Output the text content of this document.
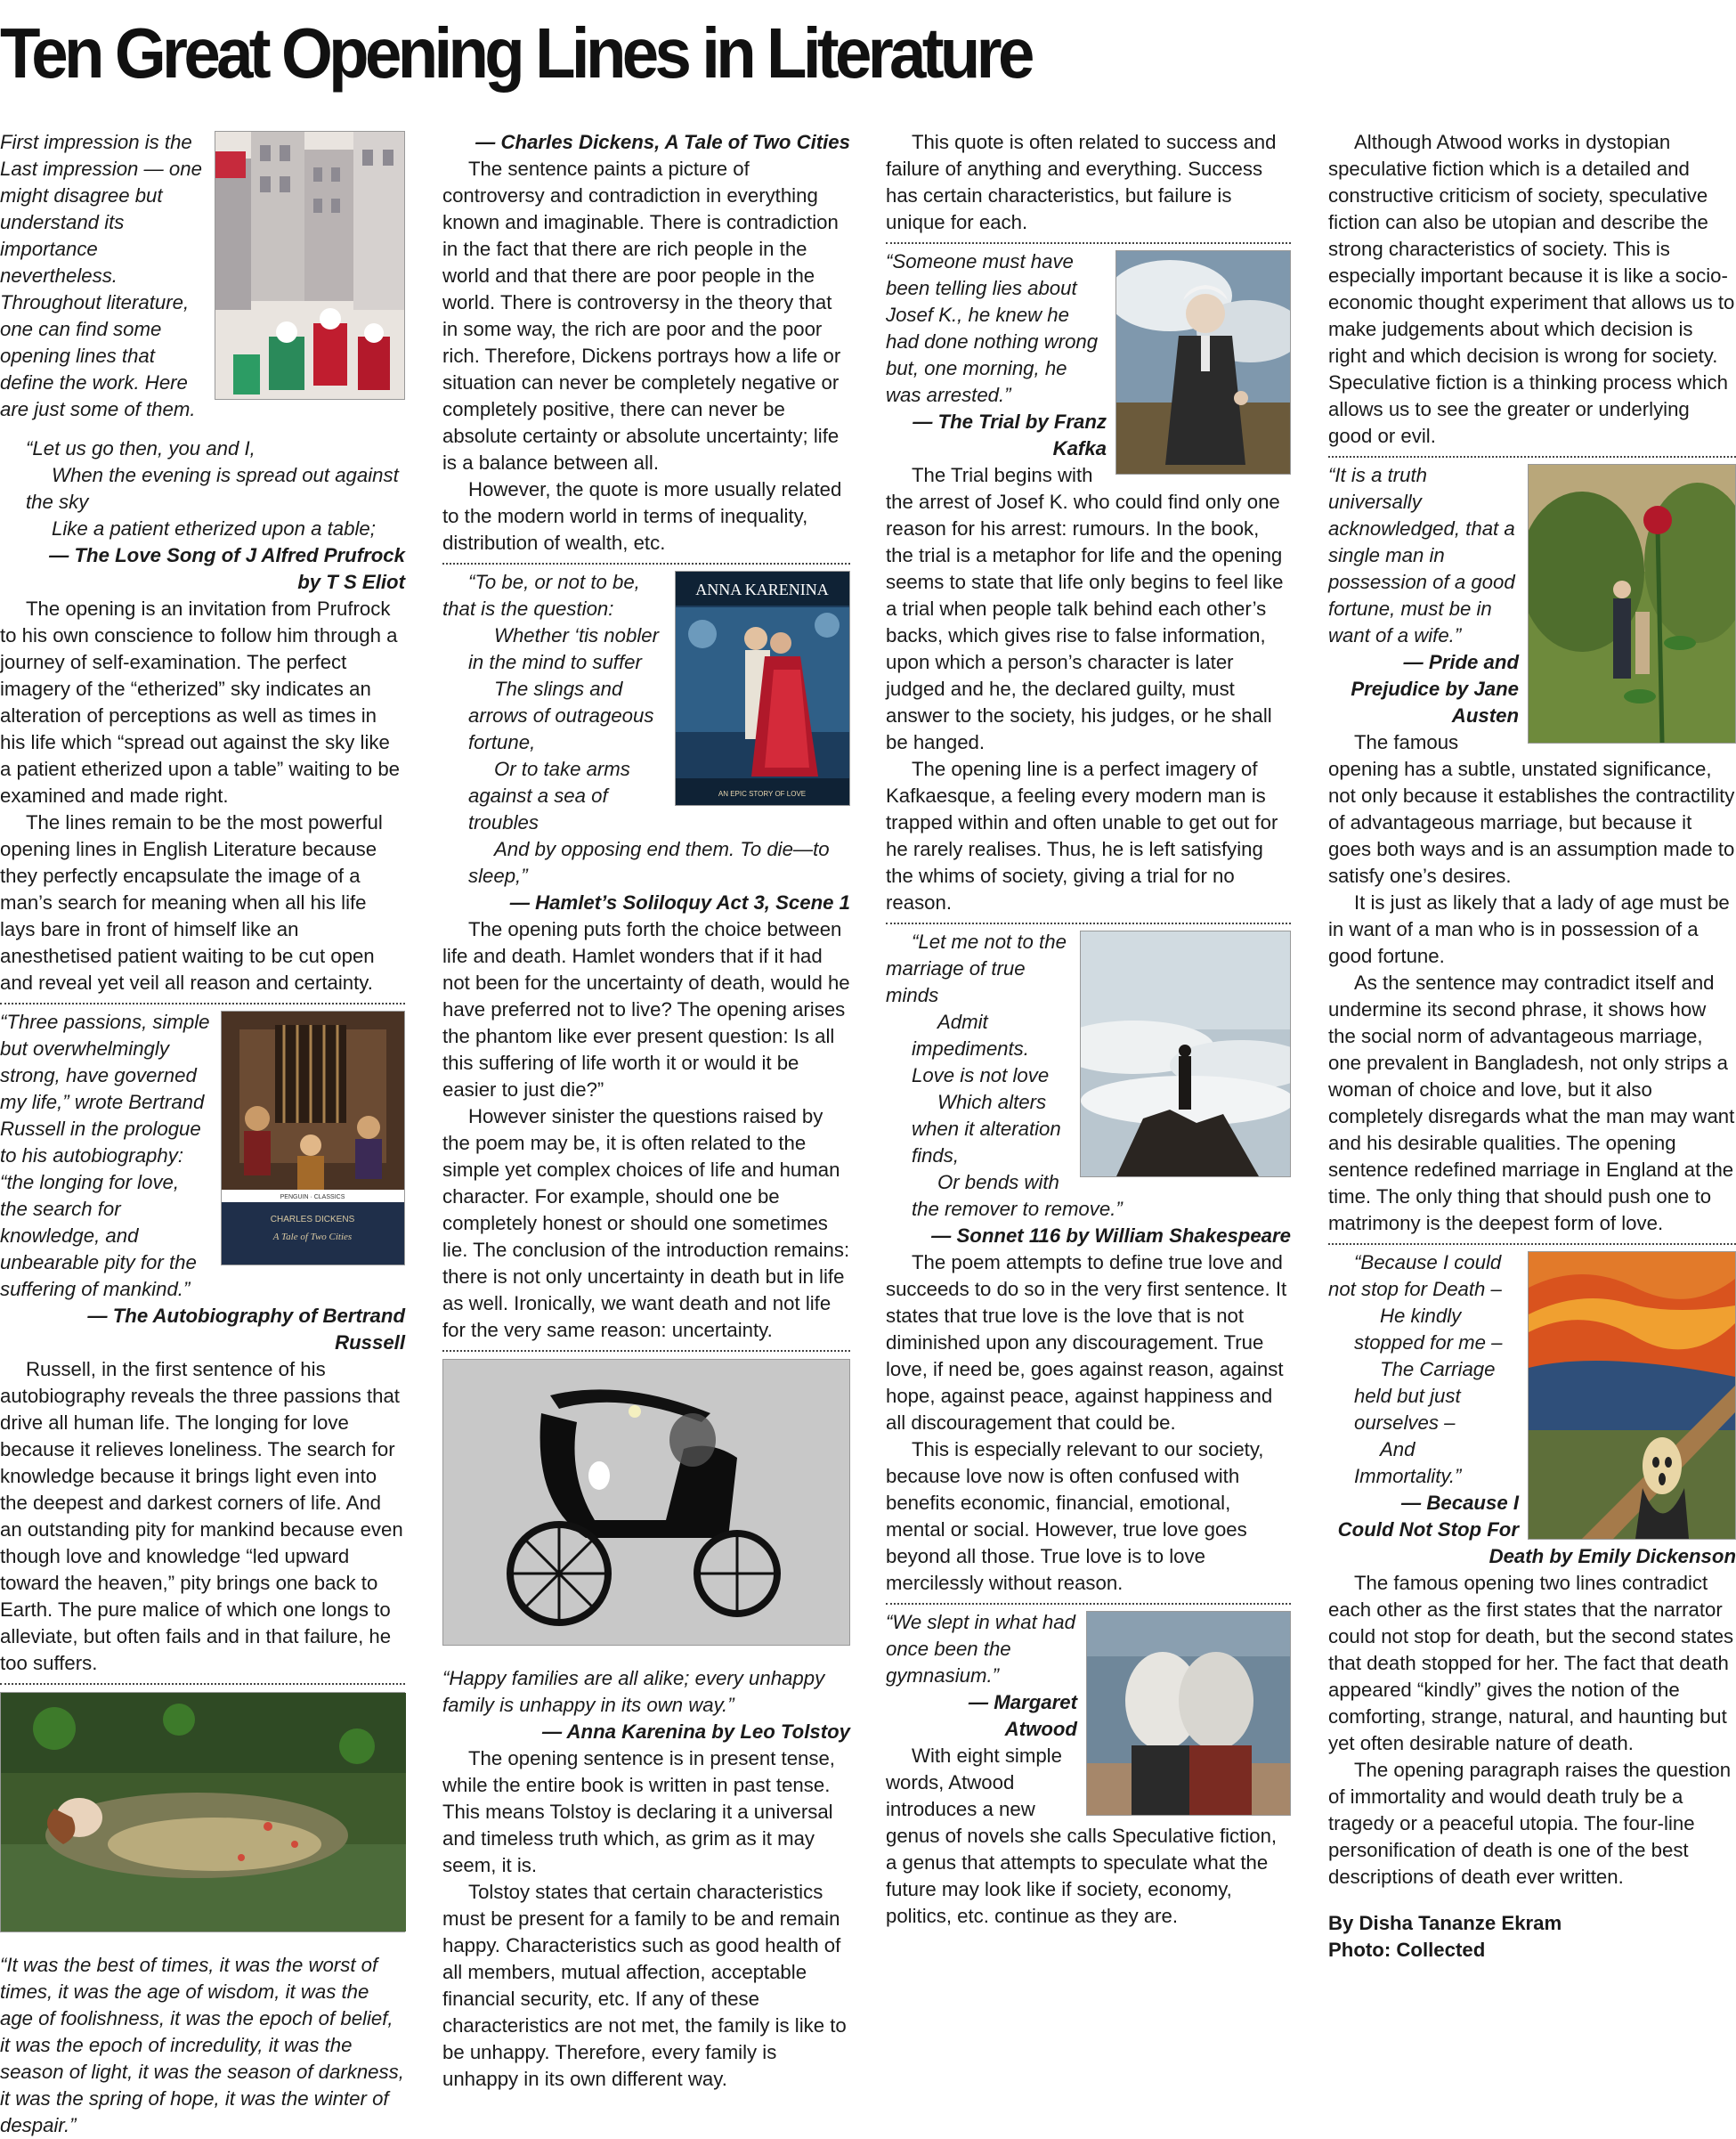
Ten Great Opening Lines in Literature

First impression is the Last impression — one might disagree but understand its importance nevertheless. Throughout literature, one can find some opening lines that define the work. Here are just some of them.

“Let us go then, you and I,

When the evening is spread out against the sky

Like a patient etherized upon a table;

— The Love Song of J Alfred Prufrock by T S Eliot

The opening is an invitation from Prufrock to his own conscience to follow him through a journey of self-examination. The perfect imagery of the “etherized” sky indicates an alteration of perceptions as well as times in his life which “spread out against the sky like a patient etherized upon a table” waiting to be examined and made right.

The lines remain to be the most powerful opening lines in English Literature because they perfectly encapsulate the image of a man’s search for meaning when all his life lays bare in front of himself like an anesthetised patient waiting to be cut open and reveal yet veil all reason and certainty.

PENGUIN · CLASSICS
CHARLES DICKENS
A Tale of Two Cities

“Three passions, simple but overwhelmingly strong, have governed my life,” wrote Bertrand Russell in the prologue to his autobiography: “the longing for love, the search for knowledge, and unbearable pity for the suffering of mankind.”

— The Autobiography of Bertrand Russell

Russell, in the first sentence of his autobiography reveals the three passions that drive all human life. The longing for love because it relieves loneliness. The search for knowledge because it brings light even into the deepest and darkest corners of life. And an outstanding pity for mankind because even though love and knowledge “led upward toward the heaven,” pity brings one back to Earth. The pure malice of which one longs to alleviate, but often fails and in that failure, he too suffers.

“It was the best of times, it was the worst of times, it was the age of wisdom, it was the age of foolishness, it was the epoch of belief, it was the epoch of incredulity, it was the season of light, it was the season of darkness, it was the spring of hope, it was the winter of despair.”

— Charles Dickens, A Tale of Two Cities

The sentence paints a picture of controversy and contradiction in everything known and imaginable. There is contradiction in the fact that there are rich people in the world and that there are poor people in the world. There is controversy in the theory that in some way, the rich are poor and the poor rich. Therefore, Dickens portrays how a life or situation can never be completely negative or completely positive, there can never be absolute certainty or absolute uncertainty; life is a balance between all.

However, the quote is more usually related to the modern world in terms of inequality, distribution of wealth, etc.

ANNA KARENINA
AN EPIC STORY OF LOVE

“To be, or not to be, that is the question:

Whether ‘tis nobler in the mind to suffer

The slings and arrows of outrageous fortune,

Or to take arms against a sea of troubles

And by opposing end them. To die—to sleep,”

— Hamlet’s Soliloquy Act 3, Scene 1

The opening puts forth the choice between life and death. Hamlet wonders that if it had not been for the uncertainty of death, would he have preferred not to live? The opening arises the phantom like ever present question: Is all this suffering of life worth it or would it be easier to just die?”

However sinister the questions raised by the poem may be, it is often related to the simple yet complex choices of life and human character. For example, should one be completely honest or should one sometimes lie. The conclusion of the introduction remains: there is not only uncertainty in death but in life as well. Ironically, we want death and not life for the very same reason: uncertainty.

“Happy families are all alike; every unhappy family is unhappy in its own way.”

— Anna Karenina by Leo Tolstoy

The opening sentence is in present tense, while the entire book is written in past tense. This means Tolstoy is declaring it a universal and timeless truth which, as grim as it may seem, it is.

Tolstoy states that certain characteristics must be present for a family to be and remain happy. Characteristics such as good health of all members, mutual affection, acceptable financial security, etc. If any of these characteristics are not met, the family is like to be unhappy. Therefore, every family is unhappy in its own different way.

This quote is often related to success and failure of anything and everything. Success has certain characteristics, but failure is unique for each.

“Someone must have been telling lies about Josef K., he knew he had done nothing wrong but, one morning, he was arrested.”

— The Trial by Franz Kafka

The Trial begins with the arrest of Josef K. who could find only one reason for his arrest: rumours. In the book, the trial is a metaphor for life and the opening seems to state that life only begins to feel like a trial when people talk behind each other’s backs, which gives rise to false information, upon which a person’s character is later judged and he, the declared guilty, must answer to the society, his judges, or he shall be hanged.

The opening line is a perfect imagery of Kafkaesque, a feeling every modern man is trapped within and often unable to get out for he rarely realises. Thus, he is left satisfying the whims of society, giving a trial for no reason.

“Let me not to the marriage of true minds

Admit impediments. Love is not love

Which alters when it alteration finds,

Or bends with the remover to remove.”

— Sonnet 116 by William Shakespeare

The poem attempts to define true love and succeeds to do so in the very first sentence. It states that true love is the love that is not diminished upon any discouragement. True love, if need be, goes against reason, against hope, against peace, against happiness and all discouragement that could be.

This is especially relevant to our society, because love now is often confused with benefits economic, financial, emotional, mental or social. However, true love goes beyond all those. True love is to love mercilessly without reason.

“We slept in what had once been the gymnasium.”

— Margaret Atwood

With eight simple words, Atwood introduces a new genus of novels she calls Speculative fiction, a genus that attempts to speculate what the future may look like if society, economy, politics, etc. continue as they are.

Although Atwood works in dystopian speculative fiction which is a detailed and constructive criticism of society, speculative fiction can also be utopian and describe the strong characteristics of society. This is especially important because it is like a socio-economic thought experiment that allows us to make judgements about which decision is right and which decision is wrong for society. Speculative fiction is a thinking process which allows us to see the greater or underlying good or evil.

“It is a truth universally acknowledged, that a single man in possession of a good fortune, must be in want of a wife.”

— Pride and Prejudice by Jane Austen

The famous opening has a subtle, unstated significance, not only because it establishes the contractility of advantageous marriage, but because it goes both ways and is an assumption made to satisfy one’s desires.

It is just as likely that a lady of age must be in want of a man who is in possession of a good fortune.

As the sentence may contradict itself and undermine its second phrase, it shows how the social norm of advantageous marriage, one prevalent in Bangladesh, not only strips a woman of choice and love, but it also completely disregards what the man may want and his desirable qualities. The opening sentence redefined marriage in England at the time. The only thing that should push one to matrimony is the deepest form of love.

“Because I could not stop for Death –

He kindly stopped for me –

The Carriage held but just ourselves –

And Immortality.”

— Because I Could Not Stop For Death by Emily Dickenson

The famous opening two lines contradict each other as the first states that the narrator could not stop for death, but the second states that death stopped for her. The fact that death appeared “kindly” gives the notion of the comforting, strange, natural, and haunting but yet often desirable nature of death.

The opening paragraph raises the question of immortality and would death truly be a tragedy or a peaceful utopia. The four-line personification of death is one of the best descriptions of death ever written.

By Disha Tananze Ekram
Photo: Collected
